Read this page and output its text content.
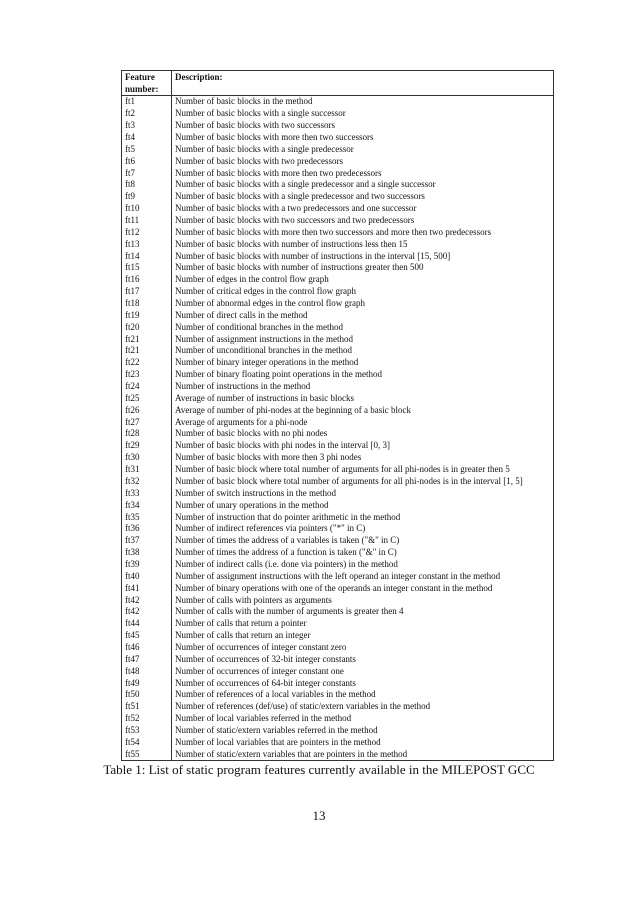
Feature
number:	Description:
ft1	Number of basic blocks in the method
ft2	Number of basic blocks with a single successor
ft3	Number of basic blocks with two successors
ft4	Number of basic blocks with more then two successors
ft5	Number of basic blocks with a single predecessor
ft6	Number of basic blocks with two predecessors
ft7	Number of basic blocks with more then two predecessors
ft8	Number of basic blocks with a single predecessor and a single successor
ft9	Number of basic blocks with a single predecessor and two successors
ft10	Number of basic blocks with a two predecessors and one successor
ft11	Number of basic blocks with two successors and two predecessors
ft12	Number of basic blocks with more then two successors and more then two predecessors
ft13	Number of basic blocks with number of instructions less then 15
ft14	Number of basic blocks with number of instructions in the interval [15, 500]
ft15	Number of basic blocks with number of instructions greater then 500
ft16	Number of edges in the control flow graph
ft17	Number of critical edges in the control flow graph
ft18	Number of abnormal edges in the control flow graph
ft19	Number of direct calls in the method
ft20	Number of conditional branches in the method
ft21	Number of assignment instructions in the method
ft21	Number of unconditional branches in the method
ft22	Number of binary integer operations in the method
ft23	Number of binary floating point operations in the method
ft24	Number of instructions in the method
ft25	Average of number of instructions in basic blocks
ft26	Average of number of phi-nodes at the beginning of a basic block
ft27	Average of arguments for a phi-node
ft28	Number of basic blocks with no phi nodes
ft29	Number of basic blocks with phi nodes in the interval [0, 3]
ft30	Number of basic blocks with more then 3 phi nodes
ft31	Number of basic block where total number of arguments for all phi-nodes is in greater then 5
ft32	Number of basic block where total number of arguments for all phi-nodes is in the interval [1, 5]
ft33	Number of switch instructions in the method
ft34	Number of unary operations in the method
ft35	Number of instruction that do pointer arithmetic in the method
ft36	Number of indirect references via pointers ("*" in C)
ft37	Number of times the address of a variables is taken ("&" in C)
ft38	Number of times the address of a function is taken ("&" in C)
ft39	Number of indirect calls (i.e. done via pointers) in the method
ft40	Number of assignment instructions with the left operand an integer constant in the method
ft41	Number of binary operations with one of the operands an integer constant in the method
ft42	Number of calls with pointers as arguments
ft42	Number of calls with the number of arguments is greater then 4
ft44	Number of calls that return a pointer
ft45	Number of calls that return an integer
ft46	Number of occurrences of integer constant zero
ft47	Number of occurrences of 32-bit integer constants
ft48	Number of occurrences of integer constant one
ft49	Number of occurrences of 64-bit integer constants
ft50	Number of references of a local variables in the method
ft51	Number of references (def/use) of static/extern variables in the method
ft52	Number of local variables referred in the method
ft53	Number of static/extern variables referred in the method
ft54	Number of local variables that are pointers in the method
ft55	Number of static/extern variables that are pointers in the method
Table 1: List of static program features currently available in the MILEPOST GCC
13
